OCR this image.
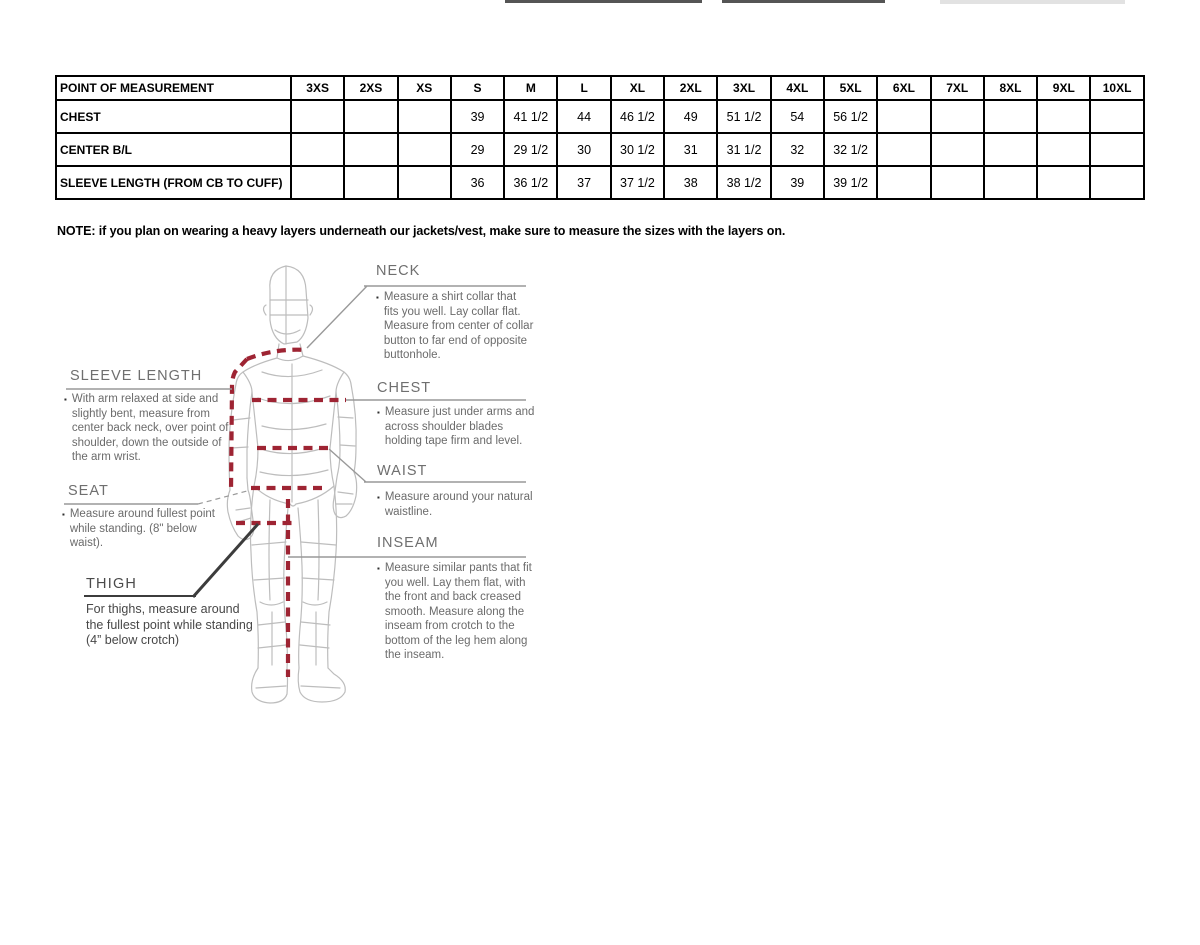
POINT OF MEASUREMENT	3XS	2XS	XS	S	M	L	XL	2XL	3XL	4XL	5XL	6XL	7XL	8XL	9XL	10XL
CHEST				39	41 1/2	44	46 1/2	49	51 1/2	54	56 1/2					
CENTER B/L				29	29 1/2	30	30 1/2	31	31 1/2	32	32 1/2					
SLEEVE LENGTH (FROM CB TO CUFF)				36	36 1/2	37	37 1/2	38	38 1/2	39	39 1/2					
NOTE: if you plan on wearing a heavy layers underneath our jackets/vest, make sure to measure the sizes with the layers on.
NECK
▪ Measure a shirt collar that fits you well. Lay collar flat. Measure from center of collar button to far end of opposite buttonhole.
SLEEVE LENGTH
▪ With arm relaxed at side and slightly bent, measure from center back neck, over point of shoulder, down the outside of the arm wrist.
CHEST
▪ Measure just under arms and across shoulder blades holding tape firm and level.
SEAT
▪ Measure around fullest point while standing. (8" below waist).
WAIST
▪ Measure around your natural waistline.
THIGH
For thighs, measure around the fullest point while standing (4” below crotch)
INSEAM
▪ Measure similar pants that fit you well. Lay them flat, with the front and back creased smooth. Measure along the inseam from crotch to the bottom of the leg hem along the inseam.
